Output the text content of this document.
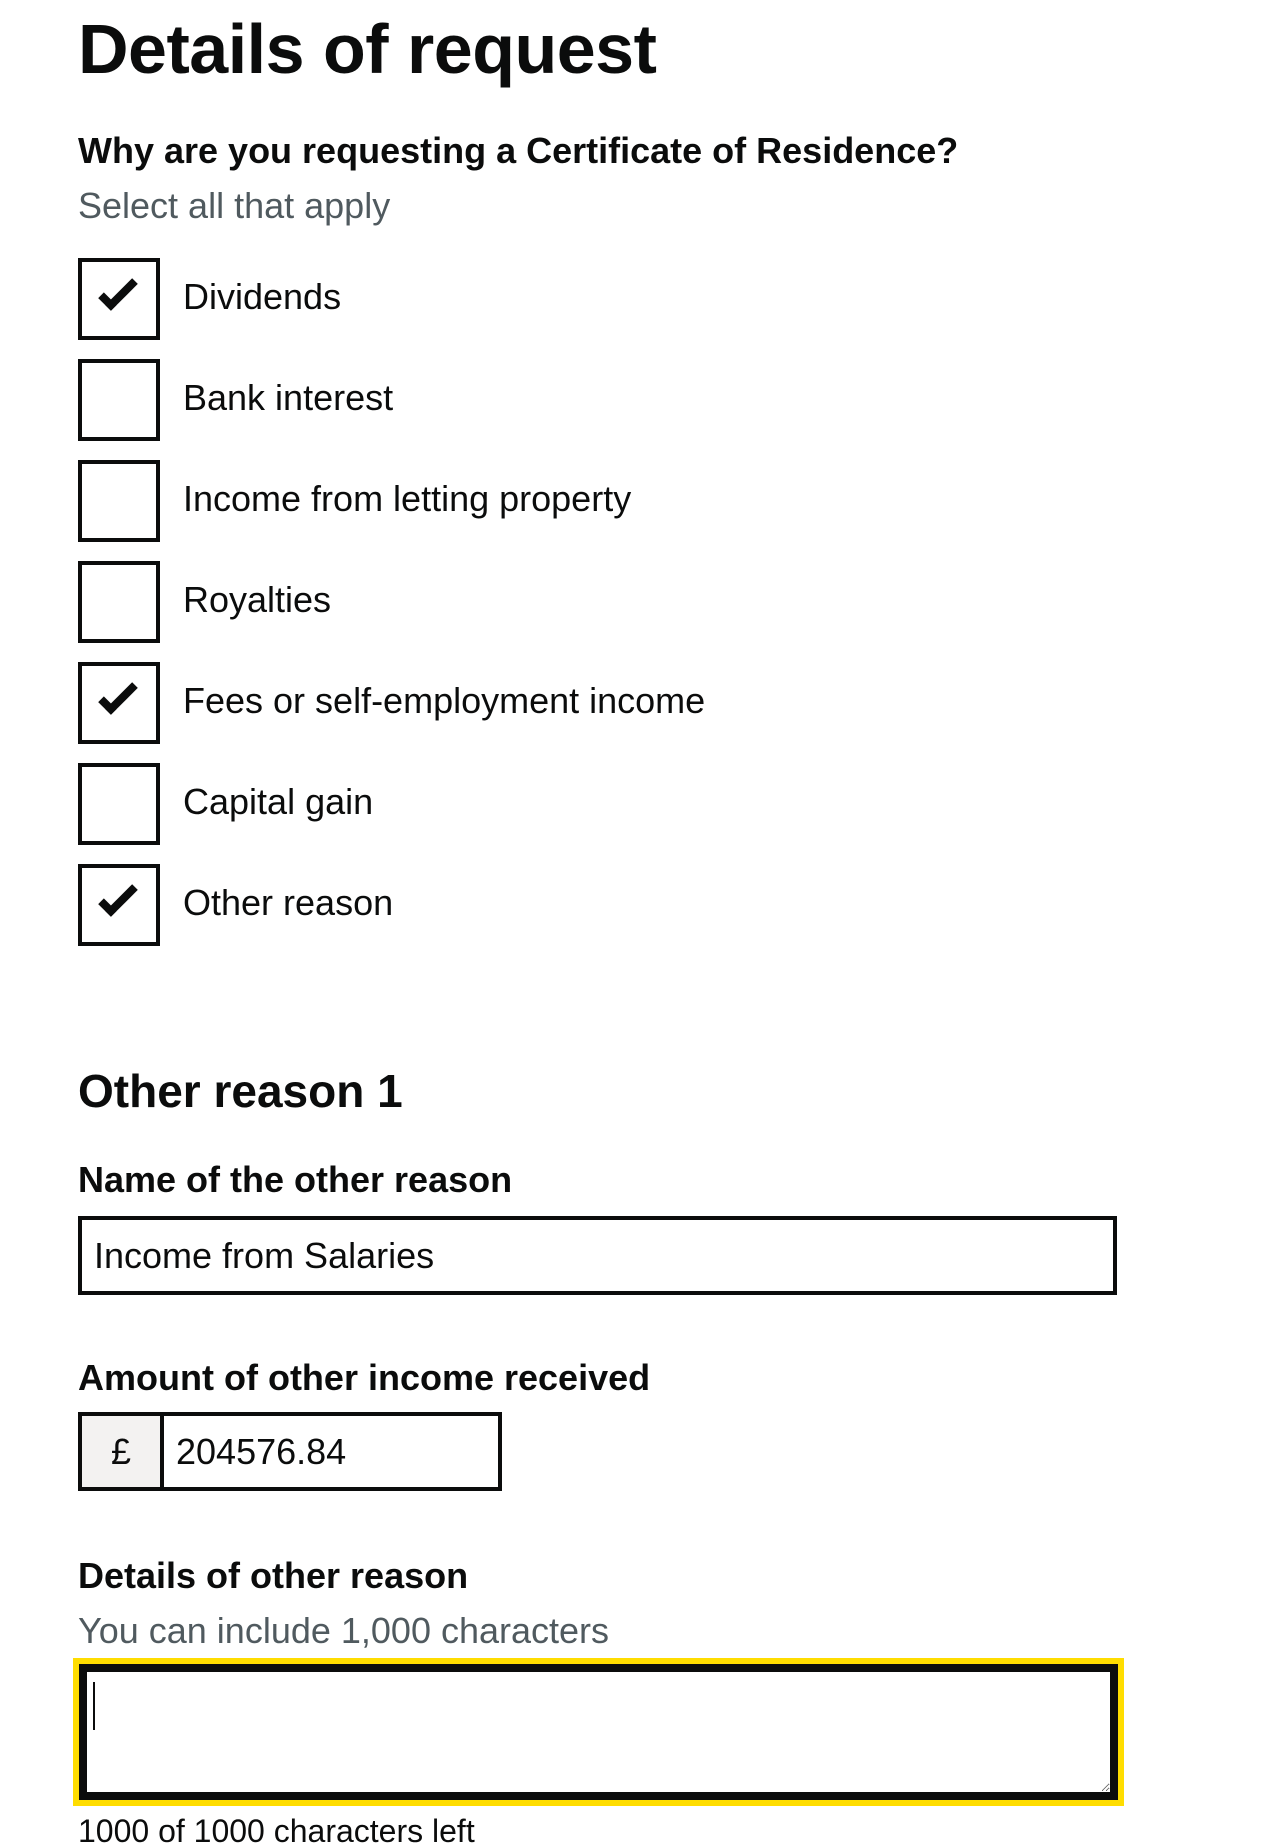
Details of request
Why are you requesting a Certificate of Residence?
Select all that apply
Dividends
Bank interest
Income from letting property
Royalties
Fees or self-employment income
Capital gain
Other reason
Other reason 1
Name of the other reason
Income from Salaries
Amount of other income received
£
204576.84
Details of other reason
You can include 1,000 characters
1000 of 1000 characters left
